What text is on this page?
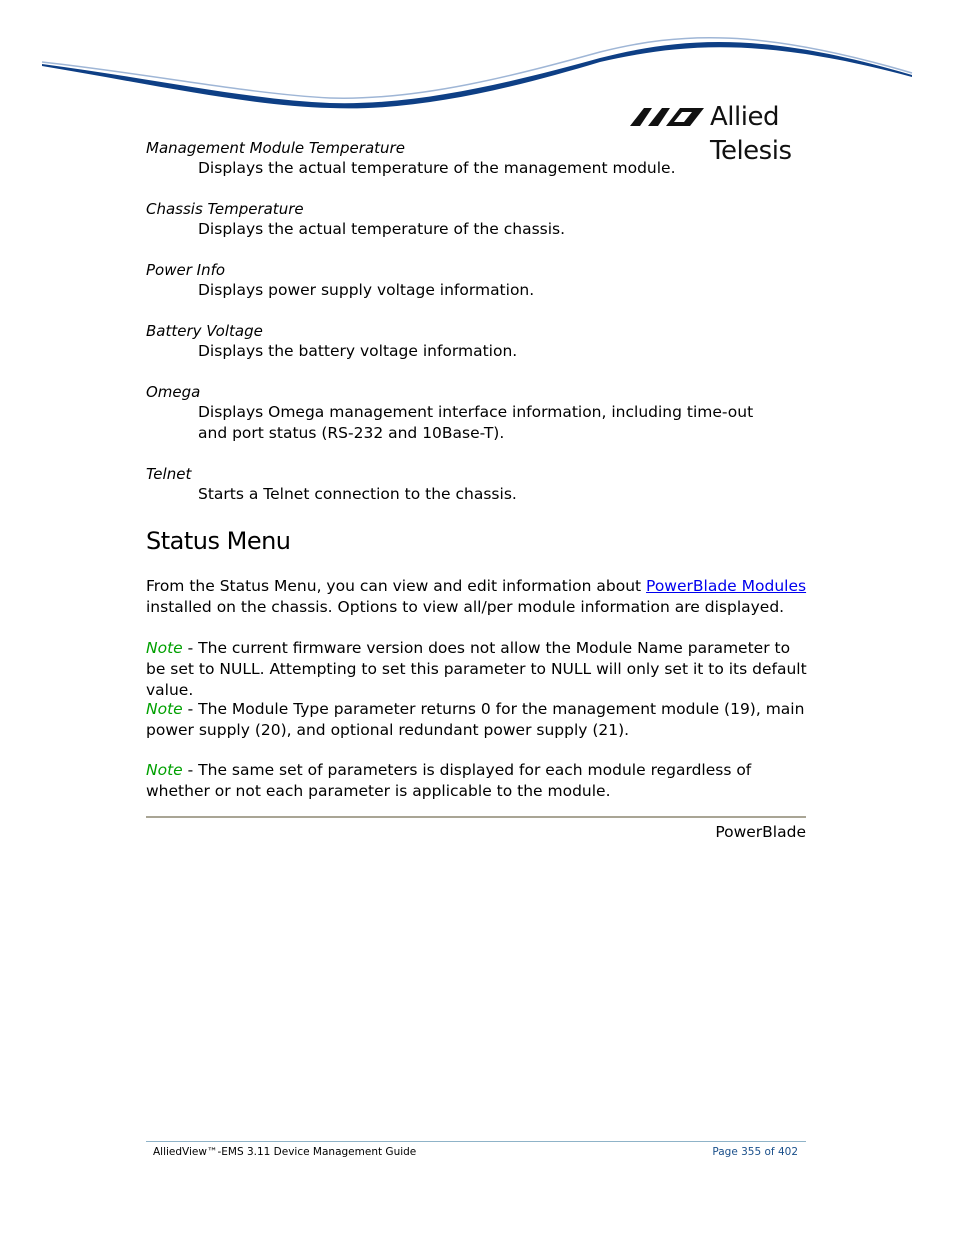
Allied Telesis
Management Module Temperature
Displays the actual temperature of the management module.
Chassis Temperature
Displays the actual temperature of the chassis.
Power Info
Displays power supply voltage information.
Battery Voltage
Displays the battery voltage information.
Omega
Displays Omega management interface information, including time-out and port status (RS-232 and 10Base-T).
Telnet
Starts a Telnet connection to the chassis.
Status Menu
From the Status Menu, you can view and edit information about PowerBlade Modules installed on the chassis. Options to view all/per module information are displayed.
Note - The current firmware version does not allow the Module Name parameter to be set to NULL. Attempting to set this parameter to NULL will only set it to its default value.
Note - The Module Type parameter returns 0 for the management module (19), main power supply (20), and optional redundant power supply (21).
Note - The same set of parameters is displayed for each module regardless of whether or not each parameter is applicable to the module.
PowerBlade
AlliedView™-EMS 3.11 Device Management Guide	Page 355 of 402
